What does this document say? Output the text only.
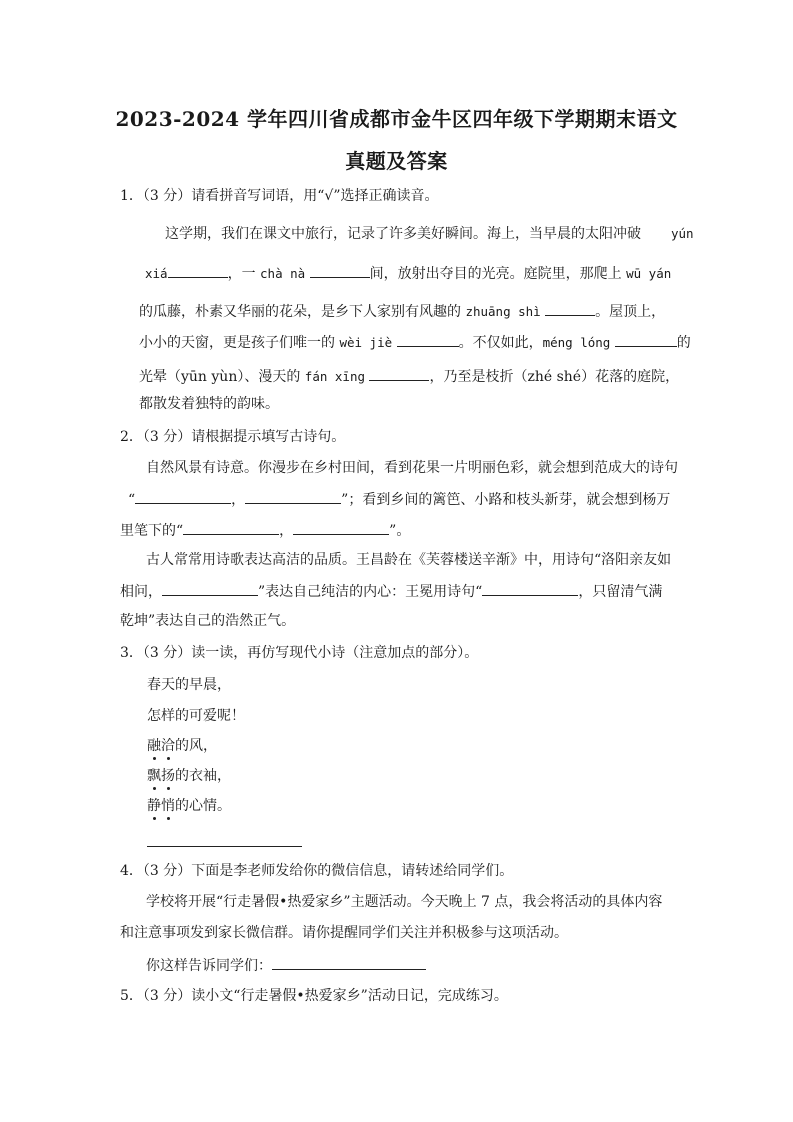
2023-2024 学年四川省成都市金牛区四年级下学期期末语文
真题及答案
1．（3 分）请看拼音写词语，用“√”选择正确读音。
这学期，我们在课文中旅行，记录了许多美好瞬间。海上，当早晨的太阳冲破 yún
xiá	，一 chà nà	间，放射出夺目的光亮。庭院里，那爬上 wū yán
的瓜藤，朴素又华丽的花朵，是乡下人家别有风趣的 zhuāng shì	。屋顶上，
小小的天窗，更是孩子们唯一的 wèi jiè	。不仅如此，méng lóng	的
光晕（yūn yùn）、漫天的 fán xīng	，乃至是枝折（zhé shé）花落的庭院，
都散发着独特的韵味。
2．（3 分）请根据提示填写古诗句。
自然风景有诗意。你漫步在乡村田间，看到花果一片明丽色彩，就会想到范成大的诗句
“	，	”；看到乡间的篱笆、小路和枝头新芽，就会想到杨万
里笔下的“	，	”。
古人常常用诗歌表达高洁的品质。王昌龄在《芙蓉楼送辛渐》中，用诗句“洛阳亲友如
相问，	”表达自己纯洁的内心：王冕用诗句“	，只留清气满
乾坤”表达自己的浩然正气。
3．（3 分）读一读，再仿写现代小诗（注意加点的部分）。
春天的早晨，
怎样的可爱呢！
融洽的风，
飘扬的衣袖，
静悄的心情。
4．（3 分）下面是李老师发给你的微信信息，请转述给同学们。
学校将开展“行走暑假•热爱家乡”主题活动。今天晚上 7 点，我会将活动的具体内容
和注意事项发到家长微信群。请你提醒同学们关注并积极参与这项活动。
你这样告诉同学们：
5．（3 分）读小文“行走暑假•热爱家乡”活动日记，完成练习。
